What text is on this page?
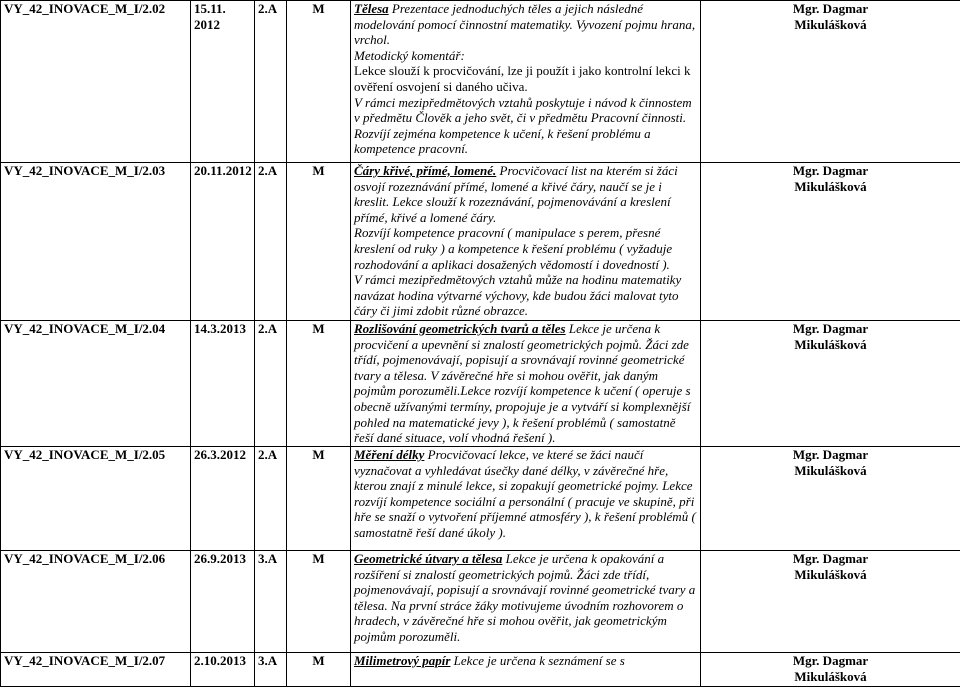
VY_42_INOVACE_M_I/2.02	15.11.
2012	2.A	M	Tělesa Prezentace jednoduchých těles a jejich následné modelování pomocí činnostní matematiky. Vyvození pojmu hrana, vrchol.
Metodický komentář:
Lekce slouží k procvičování, lze ji použít i jako kontrolní lekci k ověření osvojení si daného učiva.
V rámci mezipředmětových vztahů poskytuje i návod k činnostem v předmětu Člověk a jeho svět, či v předmětu Pracovní činnosti. Rozvíjí zejména kompetence k učení, k řešení problému a kompetence pracovní.	Mgr. Dagmar
Mikulášková

VY_42_INOVACE_M_I/2.03	20.11.2012	2.A	M	Čáry křivé, přímé, lomené. Procvičovací list na kterém si žáci osvojí rozeznávání přímé, lomené a křivé čáry, naučí se je i kreslit. Lekce slouží k rozeznávání, pojmenovávání a kreslení přímé, křivé a lomené čáry.
Rozvíjí kompetence pracovní ( manipulace s perem, přesné kreslení od ruky ) a kompetence k řešení problému ( vyžaduje rozhodování a aplikaci dosažených vědomostí i dovedností ).
V rámci mezipředmětových vztahů může na hodinu matematiky navázat hodina výtvarné výchovy, kde budou žáci malovat tyto čáry či jimi zdobit různé obrazce.	Mgr. Dagmar
Mikulášková

VY_42_INOVACE_M_I/2.04	14.3.2013	2.A	M	Rozlišování geometrických tvarů a těles Lekce je určena k procvičení a upevnění si znalostí geometrických pojmů. Žáci zde třídí, pojmenovávají, popisují a srovnávají rovinné geometrické tvary a tělesa. V závěrečné hře si mohou ověřit, jak daným pojmům porozuměli.Lekce rozvíjí kompetence k učení ( operuje s obecně užívanými termíny, propojuje je a vytváří si komplexnější pohled na matematické jevy ), k řešení problémů ( samostatně řeší dané situace, volí vhodná řešení ).	Mgr. Dagmar
Mikulášková

VY_42_INOVACE_M_I/2.05	26.3.2012	2.A	M	Měření délky Procvičovací lekce, ve které se žáci naučí vyznačovat a vyhledávat úsečky dané délky, v závěrečné hře, kterou znají z minulé lekce, si zopakují geometrické pojmy. Lekce rozvíjí kompetence sociální a personální ( pracuje ve skupině, při hře se snaží o vytvoření příjemné atmosféry ), k řešení problémů ( samostatně řeší dané úkoly ).	Mgr. Dagmar
Mikulášková

VY_42_INOVACE_M_I/2.06	26.9.2013	3.A	M	Geometrické útvary a tělesa Lekce je určena k opakování a rozšíření si znalostí geometrických pojmů. Žáci zde třídí, pojmenovávají, popisují a srovnávají rovinné geometrické tvary a tělesa. Na první stráce žáky motivujeme úvodním rozhovorem o hradech, v závěrečné hře si mohou ověřit, jak geometrickým pojmům porozuměli.	Mgr. Dagmar
Mikulášková

VY_42_INOVACE_M_I/2.07	2.10.2013	3.A	M	Milimetrový papír Lekce je určena k seznámení se s	Mgr. Dagmar
Mikulášková
